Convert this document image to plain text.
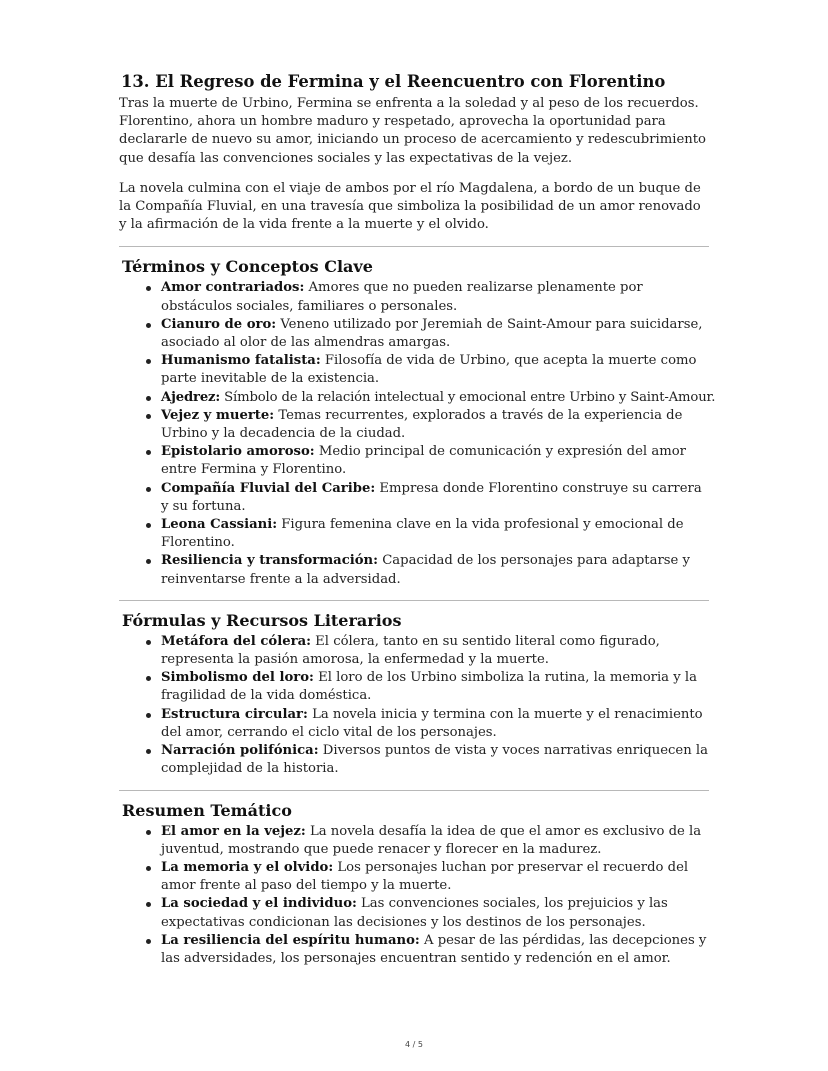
13. El Regreso de Fermina y el Reencuentro con Florentino

Tras la muerte de Urbino, Fermina se enfrenta a la soledad y al peso de los recuerdos. Florentino, ahora un hombre maduro y respetado, aprovecha la oportunidad para declararle de nuevo su amor, iniciando un proceso de acercamiento y redescubrimiento que desafía las convenciones sociales y las expectativas de la vejez.

La novela culmina con el viaje de ambos por el río Magdalena, a bordo de un buque de la Compañía Fluvial, en una travesía que simboliza la posibilidad de un amor renovado y la afirmación de la vida frente a la muerte y el olvido.

Términos y Conceptos Clave
Amor contrariados: Amores que no pueden realizarse plenamente por obstáculos sociales, familiares o personales.
Cianuro de oro: Veneno utilizado por Jeremiah de Saint-Amour para suicidarse, asociado al olor de las almendras amargas.
Humanismo fatalista: Filosofía de vida de Urbino, que acepta la muerte como parte inevitable de la existencia.
Ajedrez: Símbolo de la relación intelectual y emocional entre Urbino y Saint-Amour.
Vejez y muerte: Temas recurrentes, explorados a través de la experiencia de Urbino y la decadencia de la ciudad.
Epistolario amoroso: Medio principal de comunicación y expresión del amor entre Fermina y Florentino.
Compañía Fluvial del Caribe: Empresa donde Florentino construye su carrera y su fortuna.
Leona Cassiani: Figura femenina clave en la vida profesional y emocional de Florentino.
Resiliencia y transformación: Capacidad de los personajes para adaptarse y reinventarse frente a la adversidad.
Fórmulas y Recursos Literarios
Metáfora del cólera: El cólera, tanto en su sentido literal como figurado, representa la pasión amorosa, la enfermedad y la muerte.
Simbolismo del loro: El loro de los Urbino simboliza la rutina, la memoria y la fragilidad de la vida doméstica.
Estructura circular: La novela inicia y termina con la muerte y el renacimiento del amor, cerrando el ciclo vital de los personajes.
Narración polifónica: Diversos puntos de vista y voces narrativas enriquecen la complejidad de la historia.
Resumen Temático
El amor en la vejez: La novela desafía la idea de que el amor es exclusivo de la juventud, mostrando que puede renacer y florecer en la madurez.
La memoria y el olvido: Los personajes luchan por preservar el recuerdo del amor frente al paso del tiempo y la muerte.
La sociedad y el individuo: Las convenciones sociales, los prejuicios y las expectativas condicionan las decisiones y los destinos de los personajes.
La resiliencia del espíritu humano: A pesar de las pérdidas, las decepciones y las adversidades, los personajes encuentran sentido y redención en el amor.
4 / 5
